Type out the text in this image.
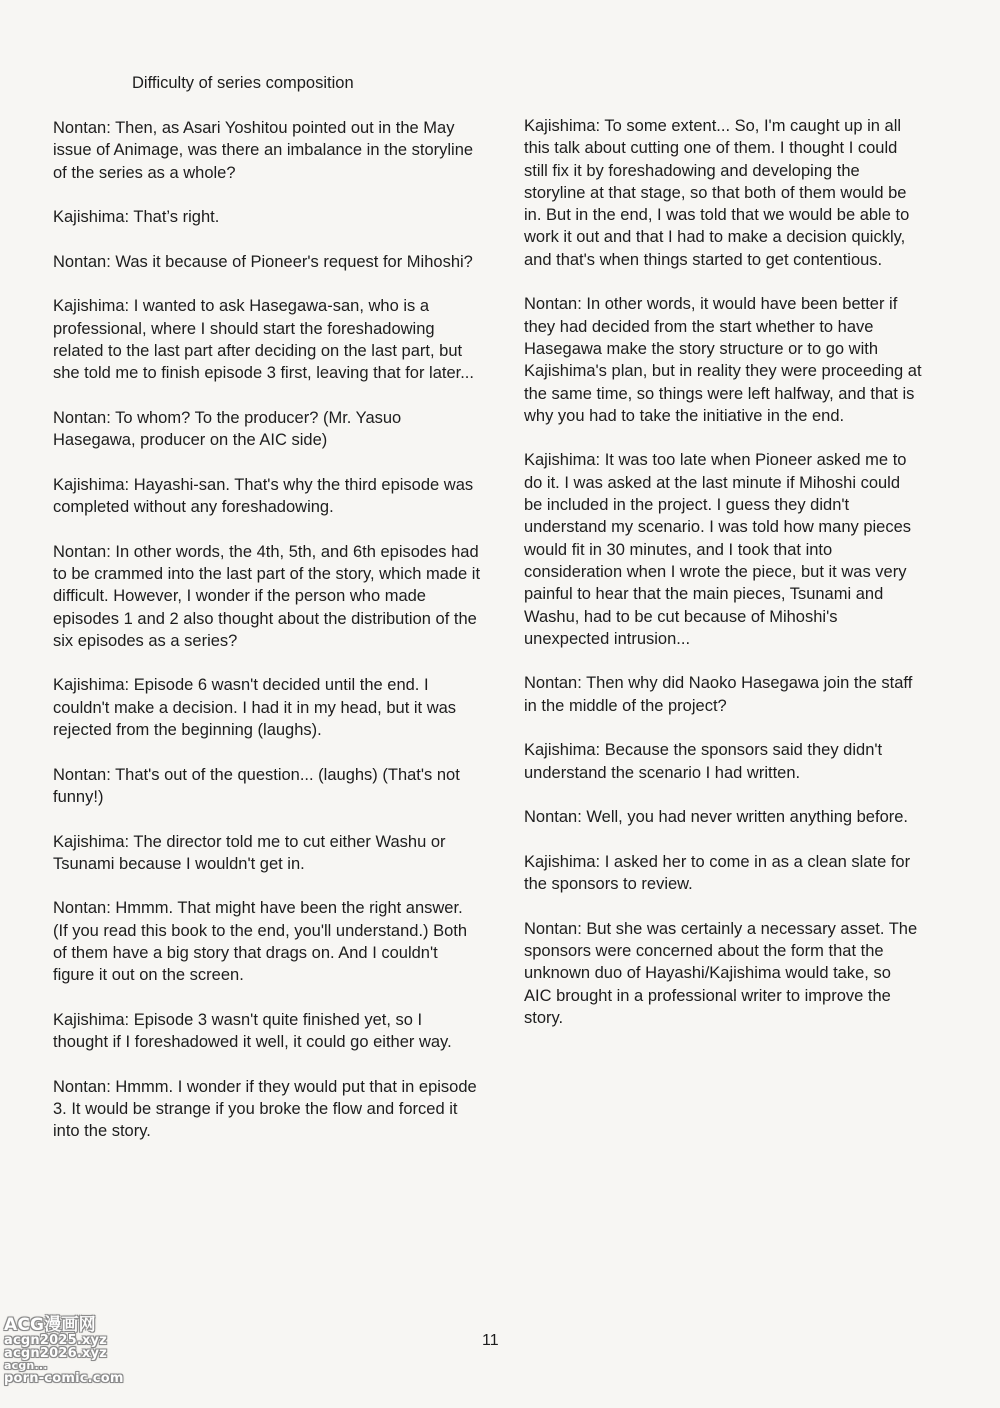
Difficulty of series composition

Nontan: Then, as Asari Yoshitou pointed out in the May issue of Animage, was there an imbalance in the storyline of the series as a whole?

Kajishima: That’s right.

Nontan: Was it because of Pioneer's request for Mihoshi?

Kajishima: I wanted to ask Hasegawa-san, who is a professional, where I should start the foreshadowing related to the last part after deciding on the last part, but she told me to finish episode 3 first, leaving that for later...

Nontan: To whom? To the producer? (Mr. Yasuo Hasegawa, producer on the AIC side)

Kajishima: Hayashi-san. That's why the third episode was completed without any foreshadowing.

Nontan: In other words, the 4th, 5th, and 6th episodes had to be crammed into the last part of the story, which made it difficult. However, I wonder if the person who made episodes 1 and 2 also thought about the distribution of the six episodes as a series?

Kajishima: Episode 6 wasn't decided until the end. I couldn't make a decision. I had it in my head, but it was rejected from the beginning (laughs).

Nontan: That's out of the question... (laughs) (That's not funny!)

Kajishima: The director told me to cut either Washu or Tsunami because I wouldn't get in.

Nontan: Hmmm. That might have been the right answer. (If you read this book to the end, you'll understand.) Both of them have a big story that drags on. And I couldn't figure it out on the screen.

Kajishima: Episode 3 wasn't quite finished yet, so I thought if I foreshadowed it well, it could go either way.

Nontan: Hmmm. I wonder if they would put that in episode 3. It would be strange if you broke the flow and forced it into the story.

Kajishima: To some extent... So, I'm caught up in all this talk about cutting one of them. I thought I could still fix it by foreshadowing and developing the storyline at that stage, so that both of them would be in. But in the end, I was told that we would be able to work it out and that I had to make a decision quickly, and that's when things started to get contentious.

Nontan: In other words, it would have been better if they had decided from the start whether to have Hasegawa make the story structure or to go with Kajishima's plan, but in reality they were proceeding at the same time, so things were left halfway, and that is why you had to take the initiative in the end.

Kajishima: It was too late when Pioneer asked me to do it. I was asked at the last minute if Mihoshi could be included in the project. I guess they didn't understand my scenario. I was told how many pieces would fit in 30 minutes, and I took that into consideration when I wrote the piece, but it was very painful to hear that the main pieces, Tsunami and Washu, had to be cut because of Mihoshi's unexpected intrusion...

Nontan: Then why did Naoko Hasegawa join the staff in the middle of the project?

Kajishima: Because the sponsors said they didn't understand the scenario I had written.

Nontan: Well, you had never written anything before.

Kajishima: I asked her to come in as a clean slate for the sponsors to review.

Nontan: But she was certainly a necessary asset. The sponsors were concerned about the form that the unknown duo of Hayashi/Kajishima would take, so AIC brought in a professional writer to improve the story.

11
ACG漫画网
acgn2025.xyz
acgn2026.xyz
acgn...
porn-comic.com
